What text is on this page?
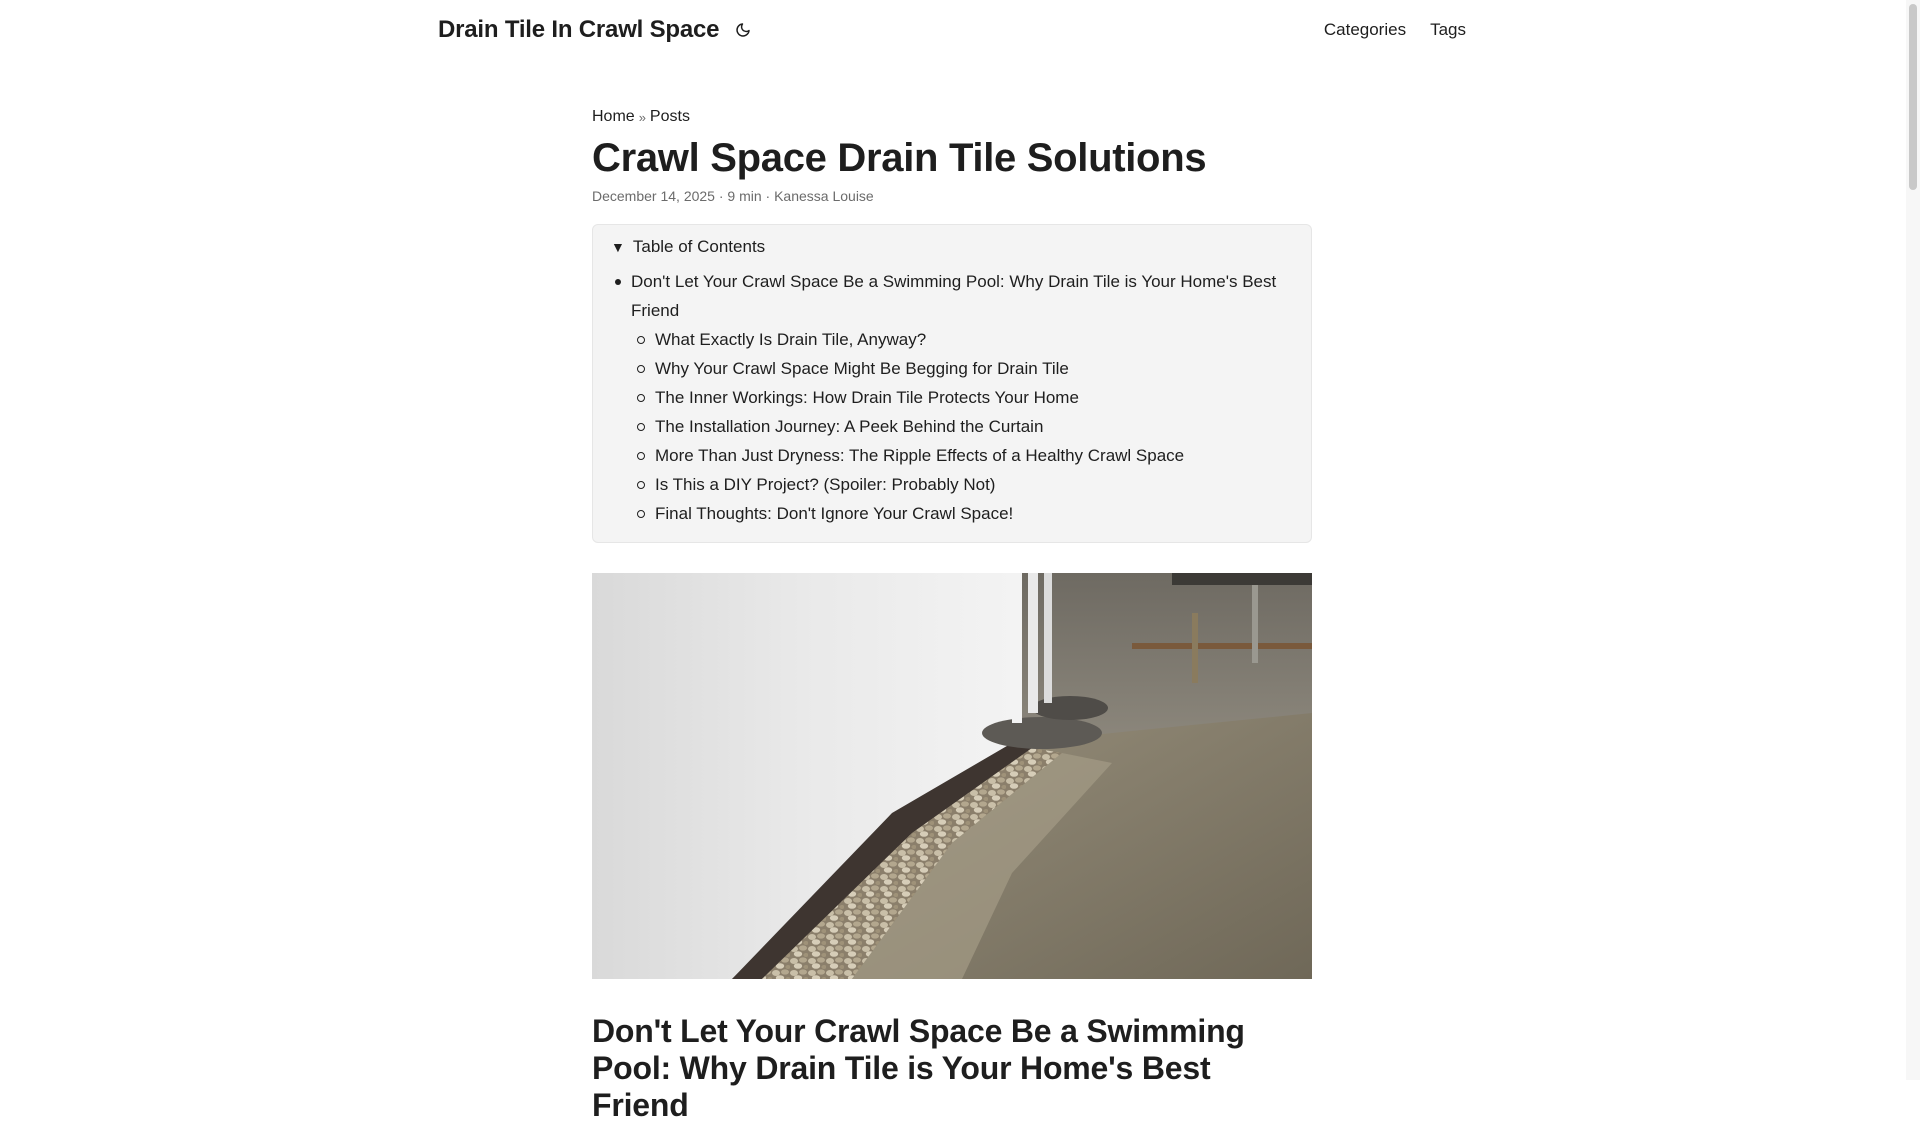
Drain Tile In Crawl Space	Categories Tags
Home » Posts
Crawl Space Drain Tile Solutions
December 14, 2025 · 9 min · Kanessa Louise
▼ Table of Contents
Don't Let Your Crawl Space Be a Swimming Pool: Why Drain Tile is Your Home's Best Friend
What Exactly Is Drain Tile, Anyway?
Why Your Crawl Space Might Be Begging for Drain Tile
The Inner Workings: How Drain Tile Protects Your Home
The Installation Journey: A Peek Behind the Curtain
More Than Just Dryness: The Ripple Effects of a Healthy Crawl Space
Is This a DIY Project? (Spoiler: Probably Not)
Final Thoughts: Don't Ignore Your Crawl Space!
Don't Let Your Crawl Space Be a Swimming Pool: Why Drain Tile is Your Home's Best Friend
